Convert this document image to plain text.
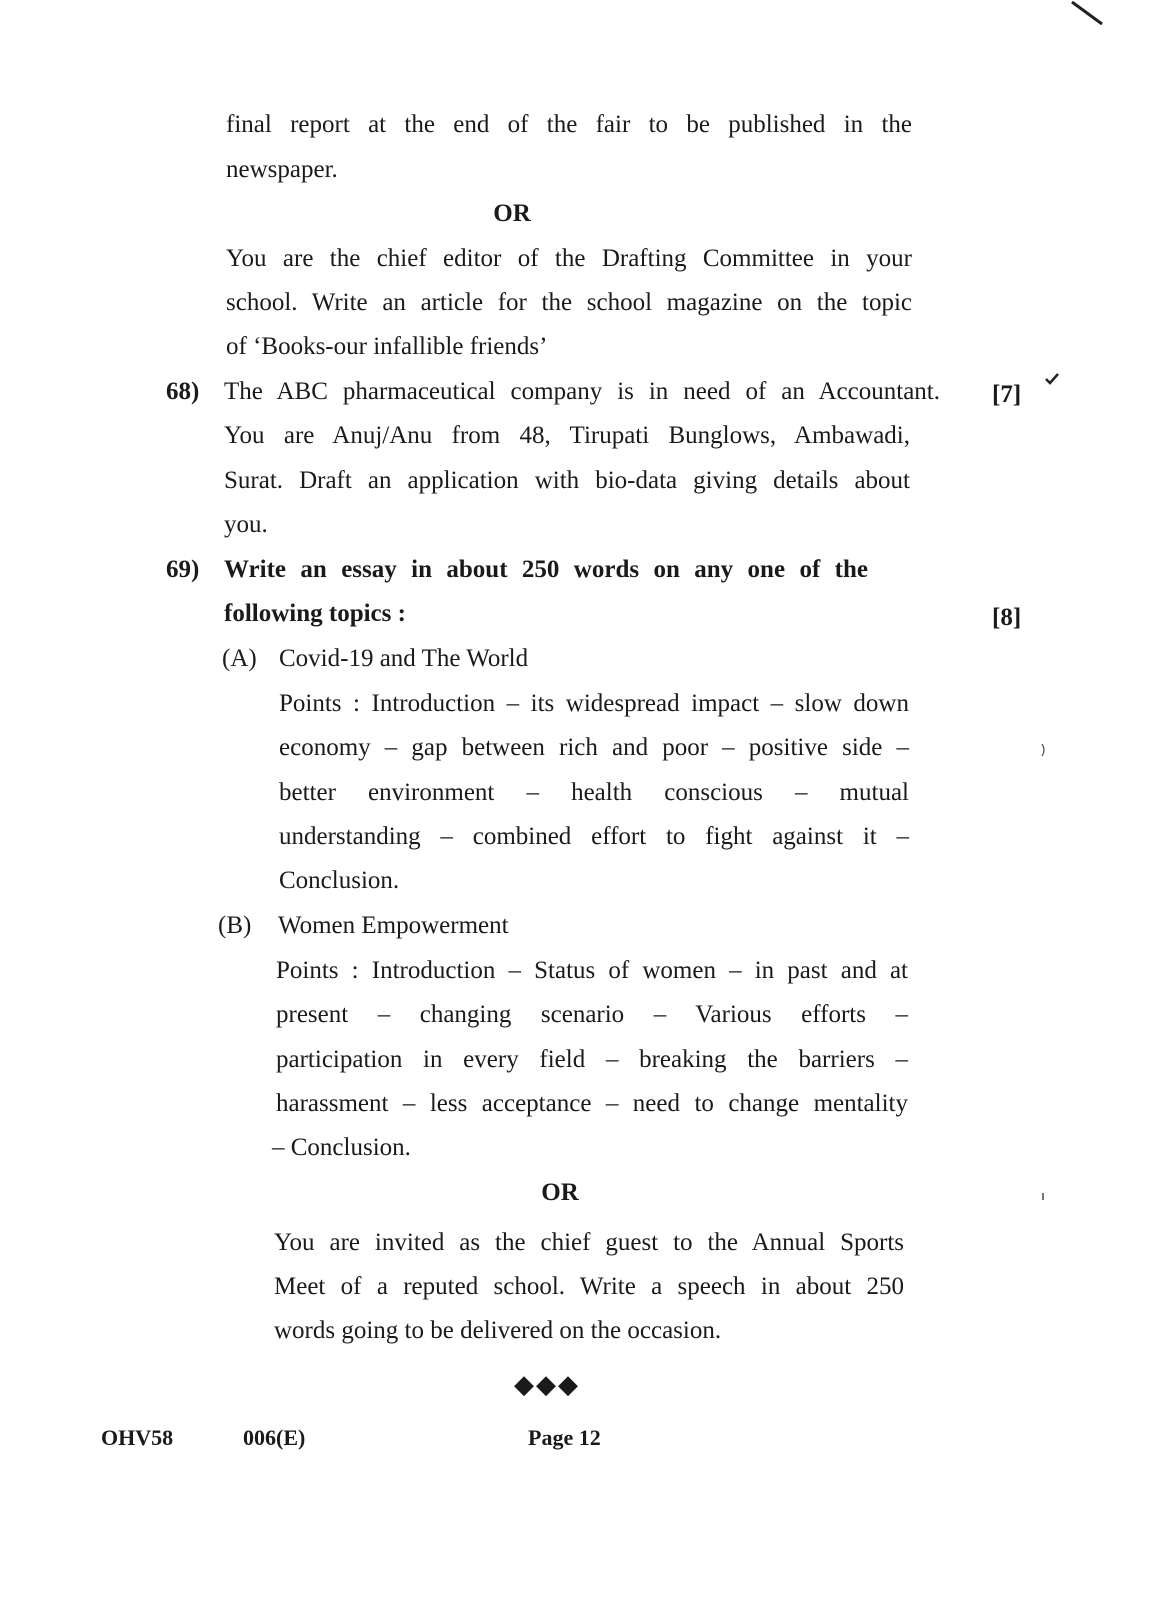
final report at the end of the fair to be published in the
newspaper.
OR
You are the chief editor of the Drafting Committee in your
school. Write an article for the school magazine on the topic
of ‘Books-our infallible friends’
68) The ABC pharmaceutical company is in need of an Accountant. [7]
You are Anuj/Anu from 48, Tirupati Bunglows, Ambawadi,
Surat. Draft an application with bio-data giving details about
you.
69) Write an essay in about 250 words on any one of the
following topics :	[8]
(A) Covid-19 and The World
Points : Introduction – its widespread impact – slow down
economy – gap between rich and poor – positive side –
better environment – health conscious – mutual
understanding – combined effort to fight against it –
Conclusion.
(B) Women Empowerment
Points : Introduction – Status of women – in past and at
present – changing scenario – Various efforts –
participation in every field – breaking the barriers –
harassment – less acceptance – need to change mentality
– Conclusion.
OR
You are invited as the chief guest to the Annual Sports
Meet of a reputed school. Write a speech in about 250
words going to be delivered on the occasion.
◆◆◆
OHV58	006(E)	Page 12
